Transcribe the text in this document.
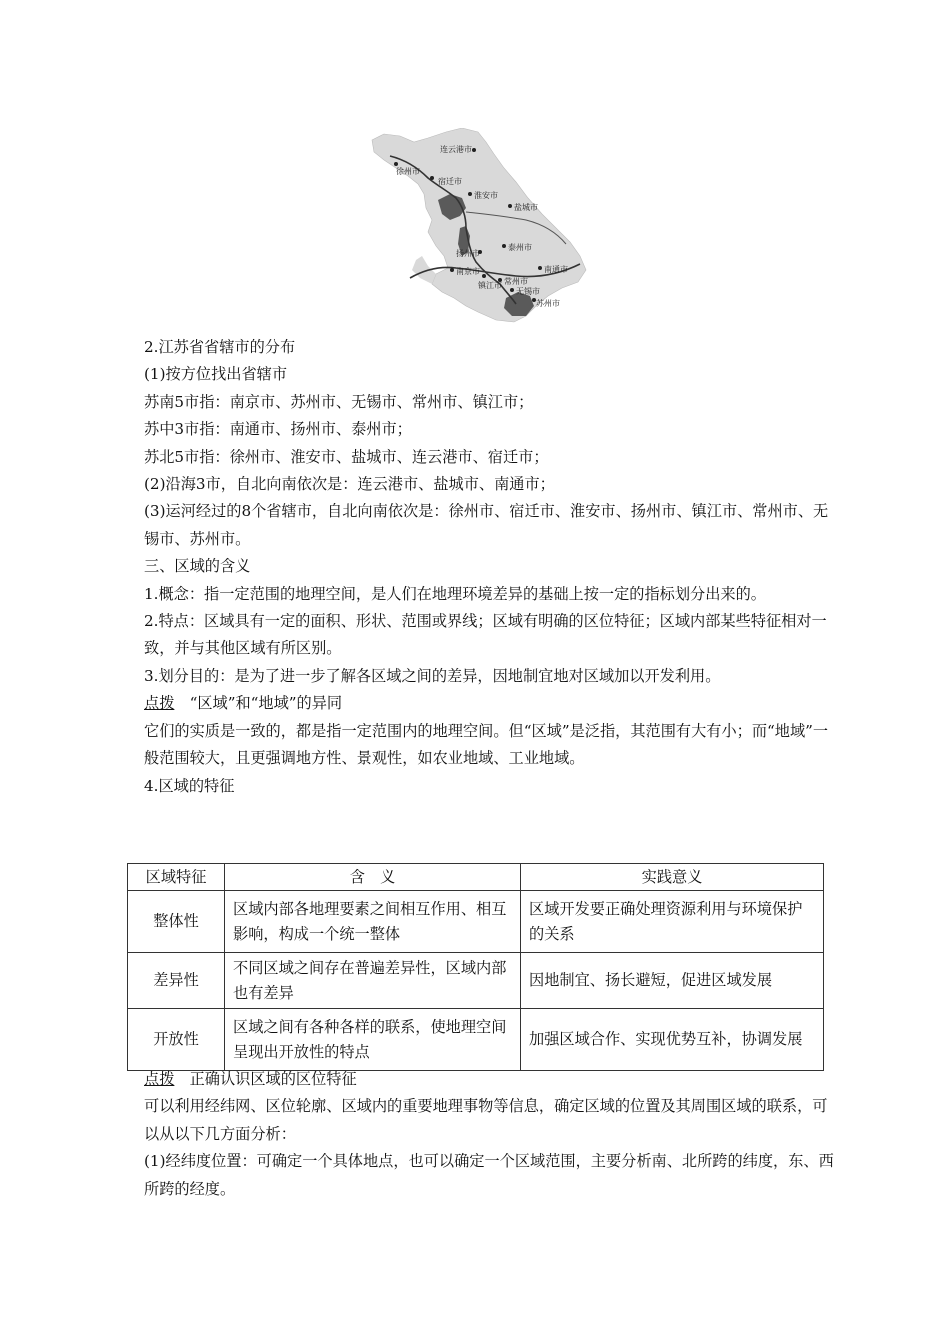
连云港市
徐州市
宿迁市
淮安市
盐城市
扬州市
泰州市
南京市	南通市
常州市
镇江市
无锡市
苏州市

2.江苏省省辖市的分布

(1)按方位找出省辖市

苏南5市指：南京市、苏州市、无锡市、常州市、镇江市；

苏中3市指：南通市、扬州市、泰州市；

苏北5市指：徐州市、淮安市、盐城市、连云港市、宿迁市；

(2)沿海3市，自北向南依次是：连云港市、盐城市、南通市；

(3)运河经过的8个省辖市，自北向南依次是：徐州市、宿迁市、淮安市、扬州市、镇江市、常州市、无锡市、苏州市。

三、区域的含义

1.概念：指一定范围的地理空间，是人们在地理环境差异的基础上按一定的指标划分出来的。

2.特点：区域具有一定的面积、形状、范围或界线；区域有明确的区位特征；区域内部某些特征相对一致，并与其他区域有所区别。

3.划分目的：是为了进一步了解各区域之间的差异，因地制宜地对区域加以开发利用。

点拨　 “区域”和“地域”的异同

它们的实质是一致的，都是指一定范围内的地理空间。但“区域”是泛指，其范围有大有小；而“地域”一般范围较大，且更强调地方性、景观性，如农业地域、工业地域。

4.区域的特征

区域特征	含　义	实践意义
整体性	区域内部各地理要素之间相互作用、相互影响，构成一个统一整体	区域开发要正确处理资源利用与环境保护的关系
差异性	不同区域之间存在普遍差异性，区域内部也有差异	因地制宜、扬长避短，促进区域发展
开放性	区域之间有各种各样的联系，使地理空间呈现出开放性的特点	加强区域合作、实现优势互补，协调发展

点拨　 正确认识区域的区位特征

可以利用经纬网、区位轮廓、区域内的重要地理事物等信息，确定区域的位置及其周围区域的联系，可以从以下几方面分析：

(1)经纬度位置：可确定一个具体地点，也可以确定一个区域范围，主要分析南、北所跨的纬度，东、西所跨的经度。
